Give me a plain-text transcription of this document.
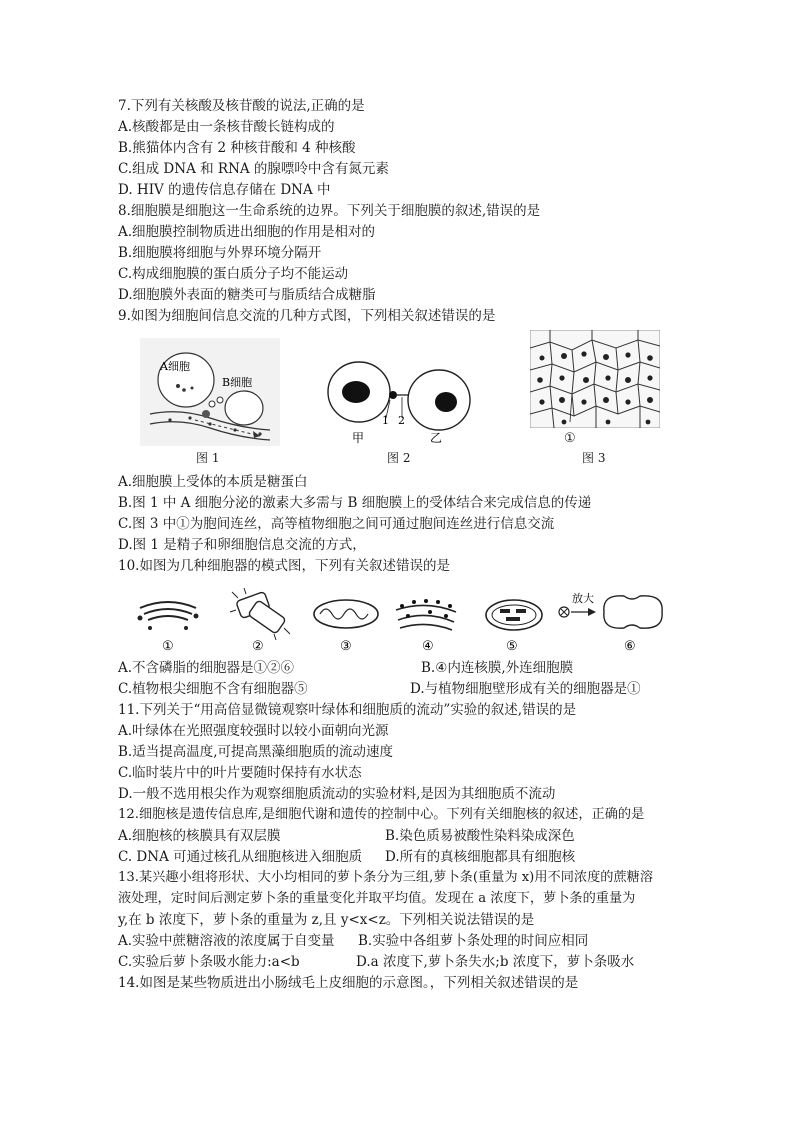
7.下列有关核酸及核苷酸的说法,正确的是
A.核酸都是由一条核苷酸长链构成的
B.熊猫体内含有 2 种核苷酸和 4 种核酸
C.组成 DNA 和 RNA 的腺嘌呤中含有氮元素
D. HIV 的遗传信息存储在 DNA 中
8.细胞膜是细胞这一生命系统的边界。下列关于细胞膜的叙述,错误的是
A.细胞膜控制物质进出细胞的作用是相对的
B.细胞膜将细胞与外界环境分隔开
C.构成细胞膜的蛋白质分子均不能运动
D.细胞膜外表面的糖类可与脂质结合成糖脂
9.如图为细胞间信息交流的几种方式图，下列相关叙述错误的是
A细胞
B细胞
图 1
1 2
甲	乙
图 2
①
图 3
A.细胞膜上受体的本质是糖蛋白
B.图 1 中 A 细胞分泌的激素大多需与 B 细胞膜上的受体结合来完成信息的传递
C.图 3 中①为胞间连丝，高等植物细胞之间可通过胞间连丝进行信息交流
D.图 1 是精子和卵细胞信息交流的方式，
10.如图为几种细胞器的模式图，下列有关叙述错误的是
放大
①	②	③	④	⑤	⑥
A.不含磷脂的细胞器是①②⑥	B.④内连核膜,外连细胞膜
C.植物根尖细胞不含有细胞器⑤	D.与植物细胞壁形成有关的细胞器是①
11.下列关于“用高倍显微镜观察叶绿体和细胞质的流动”实验的叙述,错误的是
A.叶绿体在光照强度较强时以较小面朝向光源
B.适当提高温度,可提高黑藻细胞质的流动速度
C.临时装片中的叶片要随时保持有水状态
D.一般不选用根尖作为观察细胞质流动的实验材料,是因为其细胞质不流动
12.细胞核是遗传信息库,是细胞代谢和遗传的控制中心。下列有关细胞核的叙述，正确的是
A.细胞核的核膜具有双层膜	B.染色质易被酸性染料染成深色
C. DNA 可通过核孔从细胞核进入细胞质 D.所有的真核细胞都具有细胞核
13.某兴趣小组将形状、大小均相同的萝卜条分为三组,萝卜条(重量为 x)用不同浓度的蔗糖溶
液处理，定时间后测定萝卜条的重量变化并取平均值。发现在 a 浓度下，萝卜条的重量为
y,在 b 浓度下，萝卜条的重量为 z,且 y<x<z。下列相关说法错误的是
A.实验中蔗糖溶液的浓度属于自变量 B.实验中各组萝卜条处理的时间应相同
C.实验后萝卜条吸水能力:a<b	D.a 浓度下,萝卜条失水;b 浓度下，萝卜条吸水
14.如图是某些物质进出小肠绒毛上皮细胞的示意图。，下列相关叙述错误的是
